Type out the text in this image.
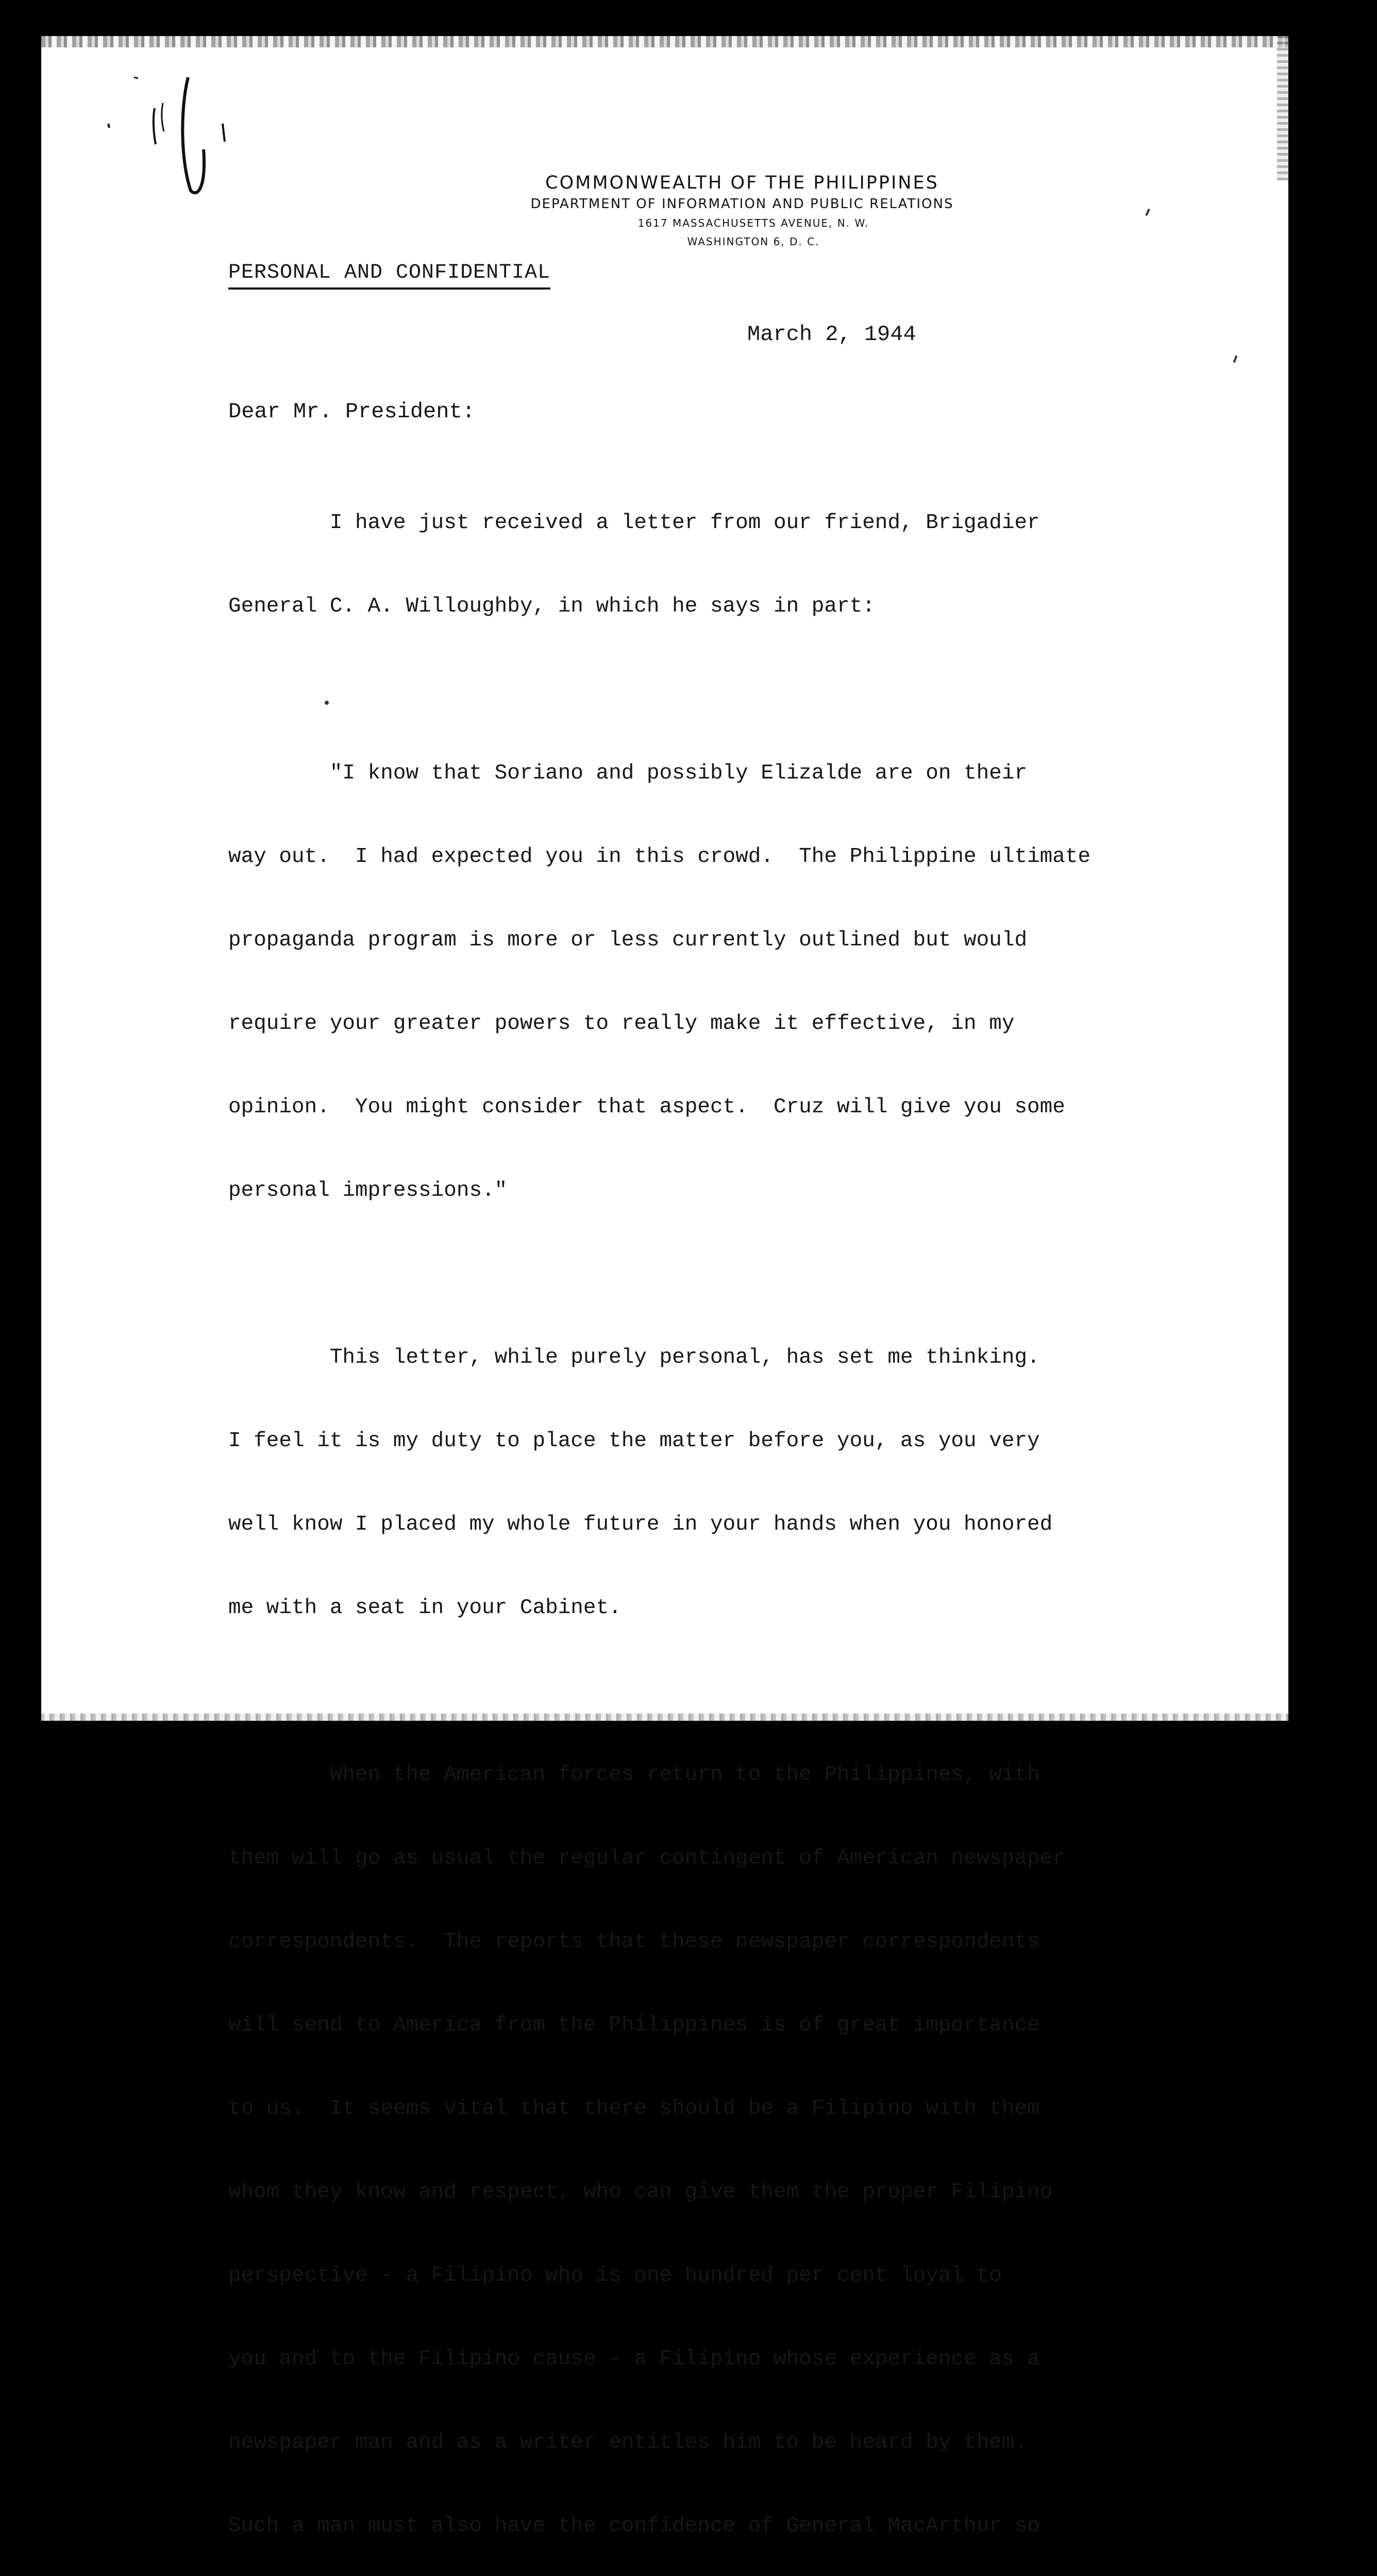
COMMONWEALTH OF THE PHILIPPINES
DEPARTMENT OF INFORMATION AND PUBLIC RELATIONS
1617 MASSACHUSETTS AVENUE, N. W.
WASHINGTON 6, D. C.
PERSONAL AND CONFIDENTIAL
March 2, 1944
Dear Mr. President:

I have just received a letter from our friend, Brigadier

General C. A. Willoughby, in which he says in part:

"I know that Soriano and possibly Elizalde are on their

way out.  I had expected you in this crowd.  The Philippine ultimate

propaganda program is more or less currently outlined but would

require your greater powers to really make it effective, in my

opinion.  You might consider that aspect.  Cruz will give you some

personal impressions."

This letter, while purely personal, has set me thinking.

I feel it is my duty to place the matter before you, as you very

well know I placed my whole future in your hands when you honored

me with a seat in your Cabinet.

When the American forces return to the Philippines, with

them will go as usual the regular contingent of American newspaper

correspondents.  The reports that these newspaper correspondents

will send to America from the Philippines is of great importance

to us.  It seems vital that there should be a Filipino with them

whom they know and respect, who can give them the proper Filipino

perspective - a Filipino who is one hundred per cent loyal to

you and to the Filipino cause - a Filipino whose experience as a

newspaper man and as a writer entitles him to be heard by them.

Such a man must also have the confidence of General MacArthur so
